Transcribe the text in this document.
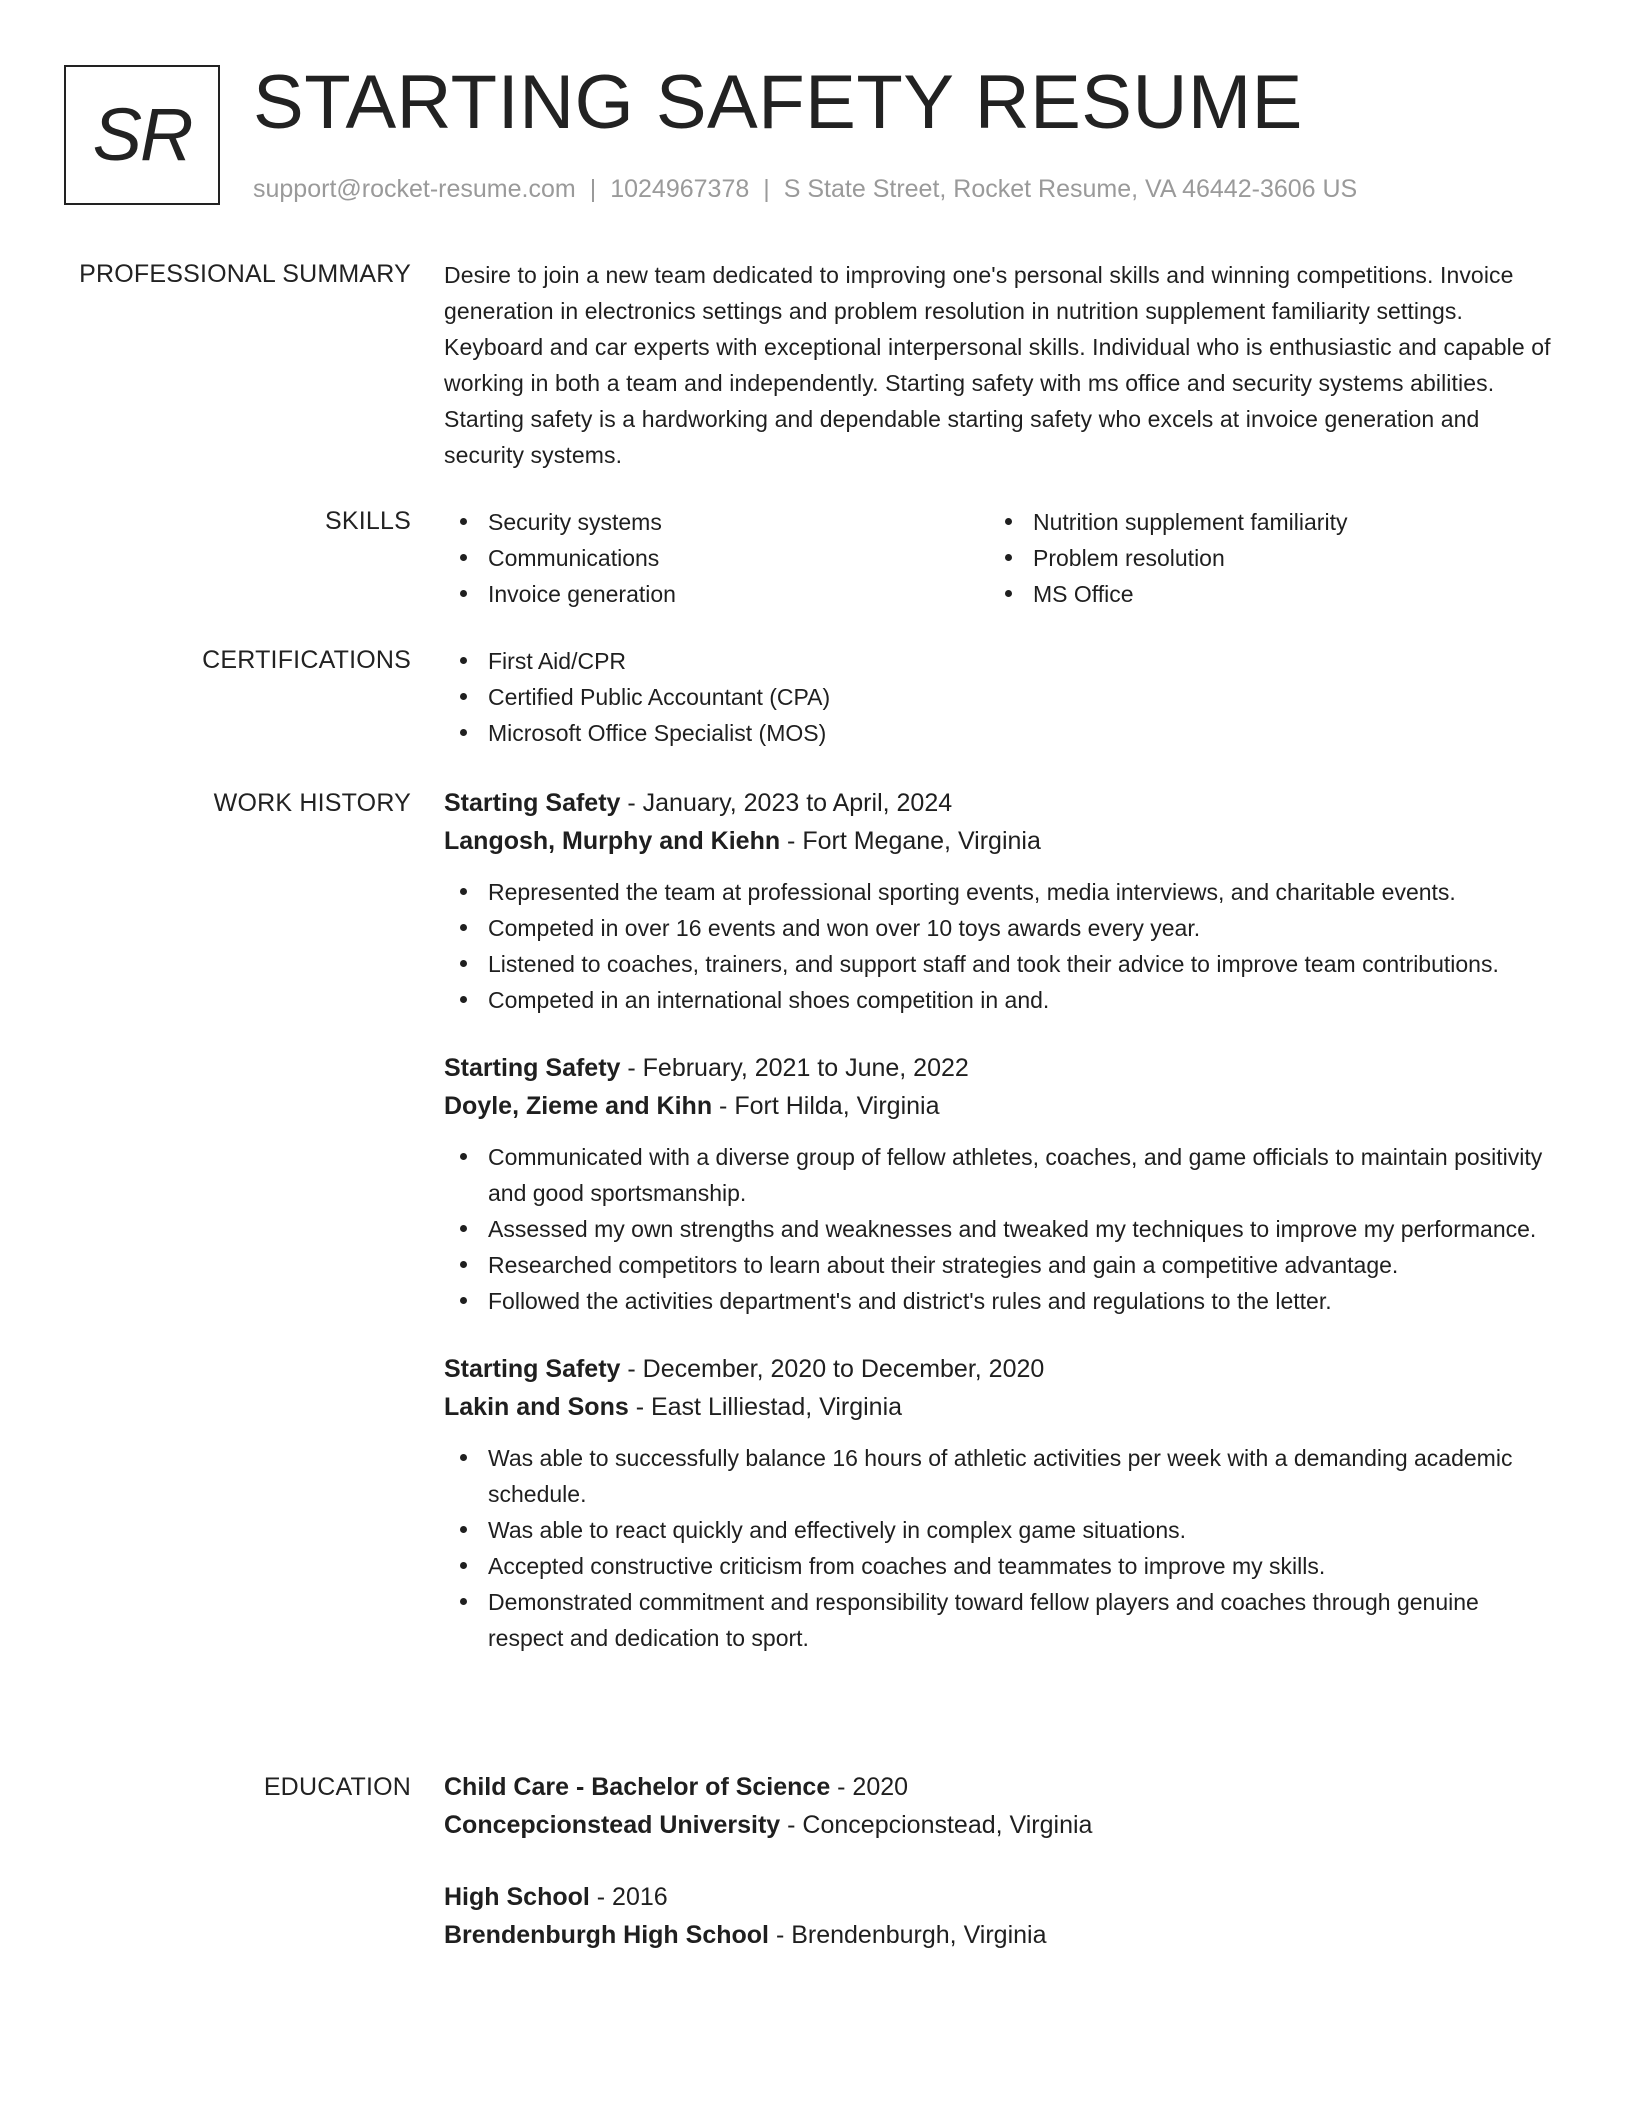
SR STARTING SAFETY RESUME
support@rocket-resume.com | 1024967378 | S State Street, Rocket Resume, VA 46442-3606 US
PROFESSIONAL SUMMARY Desire to join a new team dedicated to improving one's personal skills and winning competitions. Invoice generation in electronics settings and problem resolution in nutrition supplement familiarity settings. Keyboard and car experts with exceptional interpersonal skills. Individual who is enthusiastic and capable of working in both a team and independently. Starting safety with ms office and security systems abilities. Starting safety is a hardworking and dependable starting safety who excels at invoice generation and security systems.

SKILLS	Security systems
Communications
Invoice generation
Nutrition supplement familiarity
Problem resolution
MS Office
CERTIFICATIONS	First Aid/CPR
Certified Public Accountant (CPA)
Microsoft Office Specialist (MOS)
WORK HISTORY Starting Safety - January, 2023 to April, 2024
Langosh, Murphy and Kiehn - Fort Megane, Virginia
Represented the team at professional sporting events, media interviews, and charitable events.
Competed in over 16 events and won over 10 toys awards every year.
Listened to coaches, trainers, and support staff and took their advice to improve team contributions.
Competed in an international shoes competition in and.
Starting Safety - February, 2021 to June, 2022
Doyle, Zieme and Kihn - Fort Hilda, Virginia
Communicated with a diverse group of fellow athletes, coaches, and game officials to maintain positivity and good sportsmanship.
Assessed my own strengths and weaknesses and tweaked my techniques to improve my performance.
Researched competitors to learn about their strategies and gain a competitive advantage.
Followed the activities department's and district's rules and regulations to the letter.
Starting Safety - December, 2020 to December, 2020
Lakin and Sons - East Lilliestad, Virginia
Was able to successfully balance 16 hours of athletic activities per week with a demanding academic schedule.
Was able to react quickly and effectively in complex game situations.
Accepted constructive criticism from coaches and teammates to improve my skills.
Demonstrated commitment and responsibility toward fellow players and coaches through genuine respect and dedication to sport.
EDUCATION Child Care - Bachelor of Science - 2020
Concepcionstead University - Concepcionstead, Virginia
High School - 2016
Brendenburgh High School - Brendenburgh, Virginia
